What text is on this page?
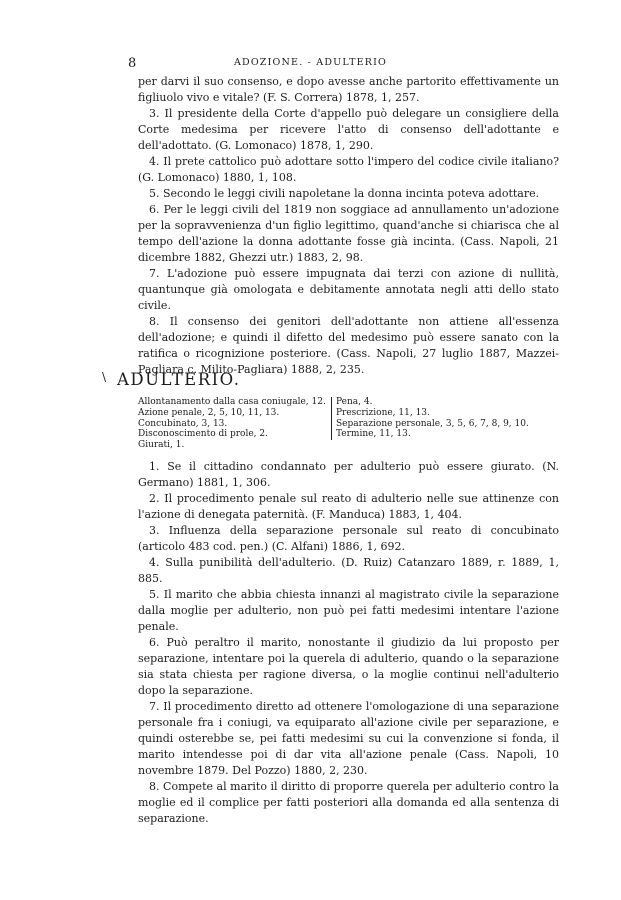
8	ADOZIONE. - ADULTERIO

per darvi il suo consenso, e dopo avesse anche partorito effettivamente un figliuolo vivo e vitale? (F. S. Correra) 1878, 1, 257.

3. Il presidente della Corte d'appello può delegare un consigliere della Corte medesima per ricevere l'atto di consenso dell'adottante e dell'adottato. (G. Lomonaco) 1878, 1, 290.

4. Il prete cattolico può adottare sotto l'impero del codice civile italiano? (G. Lomonaco) 1880, 1, 108.

5. Secondo le leggi civili napoletane la donna incinta poteva adottare.

6. Per le leggi civili del 1819 non soggiace ad annullamento un'adozione per la sopravvenienza d'un figlio legittimo, quand'anche si chiarisca che al tempo dell'azione la donna adottante fosse già incinta. (Cass. Napoli, 21 dicembre 1882, Ghezzi utr.) 1883, 2, 98.

7. L'adozione può essere impugnata dai terzi con azione di nullità, quantunque già omologata e debitamente annotata negli atti dello stato civile.

8. Il consenso dei genitori dell'adottante non attiene all'essenza dell'adozione; e quindi il difetto del medesimo può essere sanato con la ratifica o ricognizione posteriore. (Cass. Napoli, 27 luglio 1887, Mazzei-Pagliara c. Milito-Pagliara) 1888, 2, 235.

\ ADULTERIO.
Allontanamento dalla casa coniugale, 12.
Azione penale, 2, 5, 10, 11, 13.
Concubinato, 3, 13.
Disconoscimento di prole, 2.
Giurati, 1.
Pena, 4.
Prescrizione, 11, 13.
Separazione personale, 3, 5, 6, 7, 8, 9, 10.
Termine, 11, 13.

1. Se il cittadino condannato per adulterio può essere giurato. (N. Germano) 1881, 1, 306.

2. Il procedimento penale sul reato di adulterio nelle sue attinenze con l'azione di denegata paternità. (F. Manduca) 1883, 1, 404.

3. Influenza della separazione personale sul reato di concubinato (articolo 483 cod. pen.) (C. Alfani) 1886, 1, 692.

4. Sulla punibilità dell'adulterio. (D. Ruiz) Catanzaro 1889, r. 1889, 1, 885.

5. Il marito che abbia chiesta innanzi al magistrato civile la separazione dalla moglie per adulterio, non può pei fatti medesimi intentare l'azione penale.

6. Può peraltro il marito, nonostante il giudizio da lui proposto per separazione, intentare poi la querela di adulterio, quando o la separazione sia stata chiesta per ragione diversa, o la moglie continui nell'adulterio dopo la separazione.

7. Il procedimento diretto ad ottenere l'omologazione di una separazione personale fra i coniugi, va equiparato all'azione civile per separazione, e quindi osterebbe se, pei fatti medesimi su cui la convenzione si fonda, il marito intendesse poi di dar vita all'azione penale (Cass. Napoli, 10 novembre 1879. Del Pozzo) 1880, 2, 230.

8. Compete al marito il diritto di proporre querela per adulterio contro la moglie ed il complice per fatti posteriori alla domanda ed alla sentenza di separazione.
